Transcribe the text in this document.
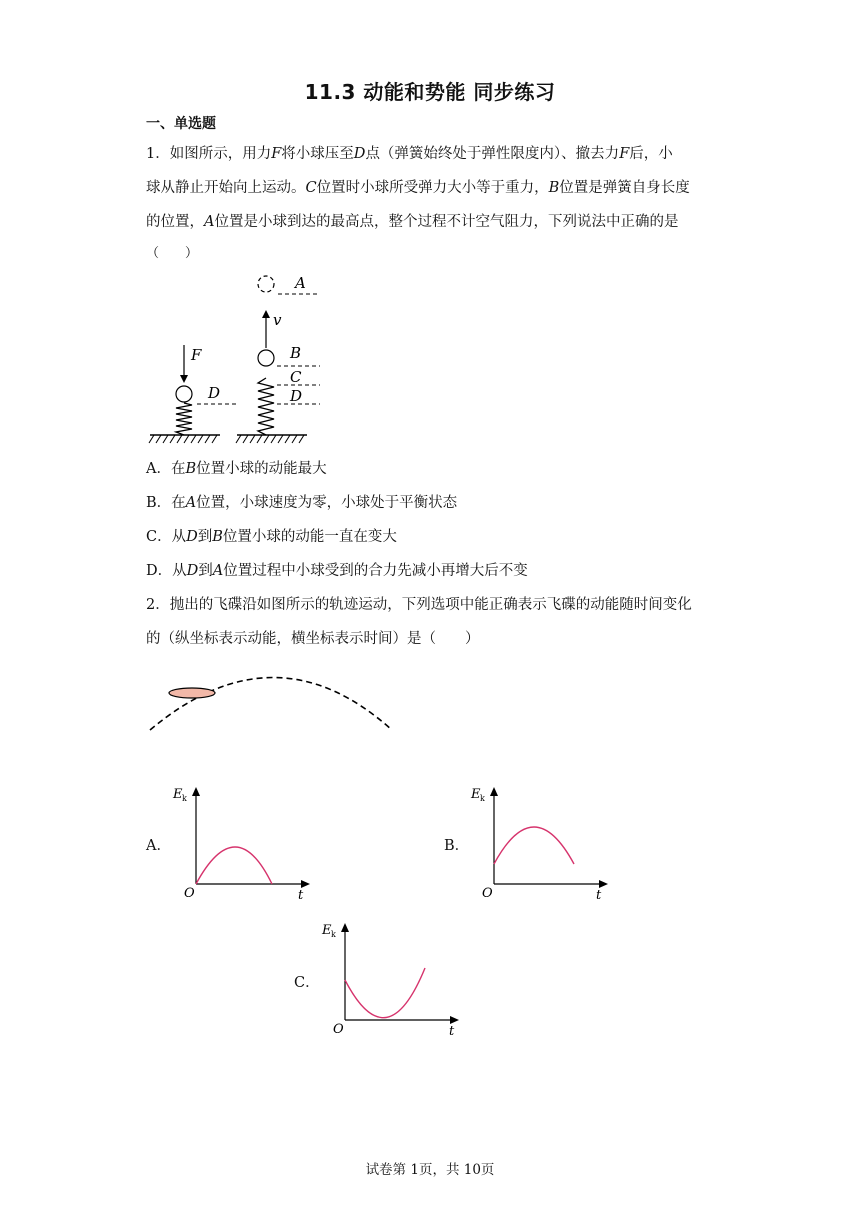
11.3 动能和势能 同步练习
一、单选题
1．如图所示，用力F将小球压至D点（弹簧始终处于弹性限度内）、撤去力F后，小
球从静止开始向上运动。C位置时小球所受弹力大小等于重力，B位置是弹簧自身长度
的位置，A位置是小球到达的最高点，整个过程不计空气阻力，下列说法中正确的是
（　　）
F
D
v
A
B
C
D
A．在B位置小球的动能最大
B．在A位置，小球速度为零，小球处于平衡状态
C．从D到B位置小球的动能一直在变大
D．从D到A位置过程中小球受到的合力先减小再增大后不变
2．抛出的飞碟沿如图所示的轨迹运动，下列选项中能正确表示飞碟的动能随时间变化
的（纵坐标表示动能，横坐标表示时间）是（　　）
A．
E k
O	t
B．
E k
O	t
C．
E k
O	t
试卷第 1页，共 10页
